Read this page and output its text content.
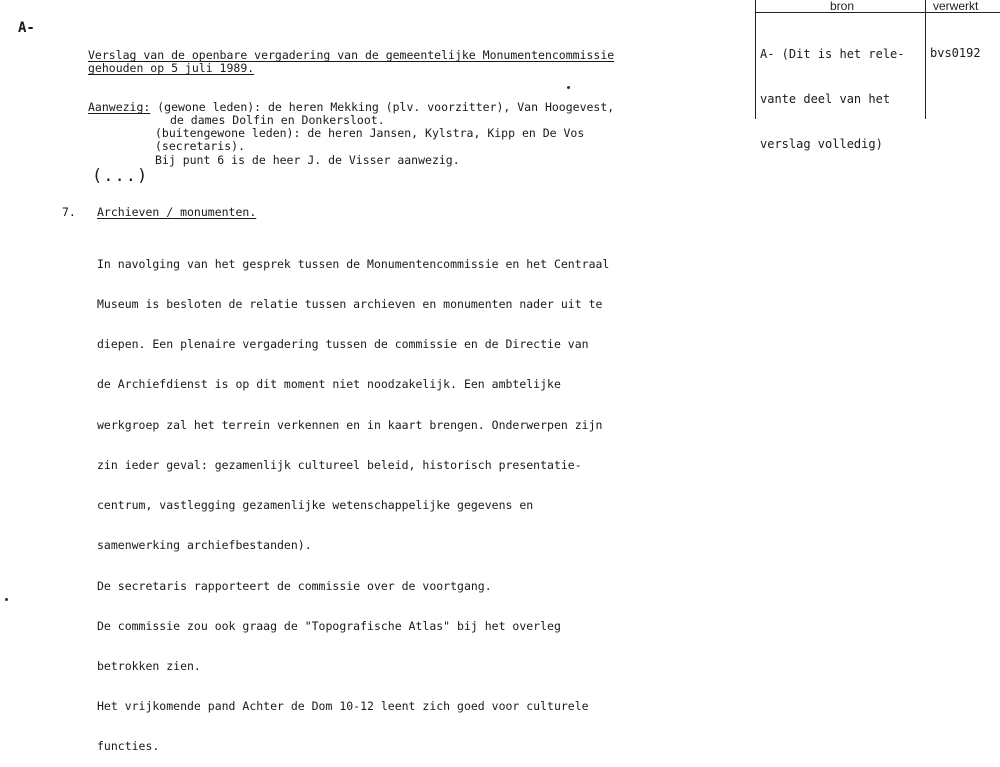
bron	verwerkt

A- (Dit is het rele-

vante deel van het

verslag volledig)

bvs0192
A-
Verslag van de openbare vergadering van de gemeentelijke Monumentencommissie
gehouden op 5 juli 1989.
Aanwezig: (gewone leden): de heren Mekking (plv. voorzitter), Van Hoogevest,
de dames Dolfin en Donkersloot.
(buitengewone leden): de heren Jansen, Kylstra, Kipp en De Vos
(secretaris).
Bij punt 6 is de heer J. de Visser aanwezig.
(...)
7. Archieven / monumenten.

In navolging van het gesprek tussen de Monumentencommissie en het Centraal

Museum is besloten de relatie tussen archieven en monumenten nader uit te

diepen. Een plenaire vergadering tussen de commissie en de Directie van

de Archiefdienst is op dit moment niet noodzakelijk. Een ambtelijke

werkgroep zal het terrein verkennen en in kaart brengen. Onderwerpen zijn

zin ieder geval: gezamenlijk cultureel beleid, historisch presentatie-

centrum, vastlegging gezamenlijke wetenschappelijke gegevens en

samenwerking archiefbestanden).

De secretaris rapporteert de commissie over de voortgang.

De commissie zou ook graag de "Topografische Atlas" bij het overleg

betrokken zien.

Het vrijkomende pand Achter de Dom 10-12 leent zich goed voor culturele

functies.
